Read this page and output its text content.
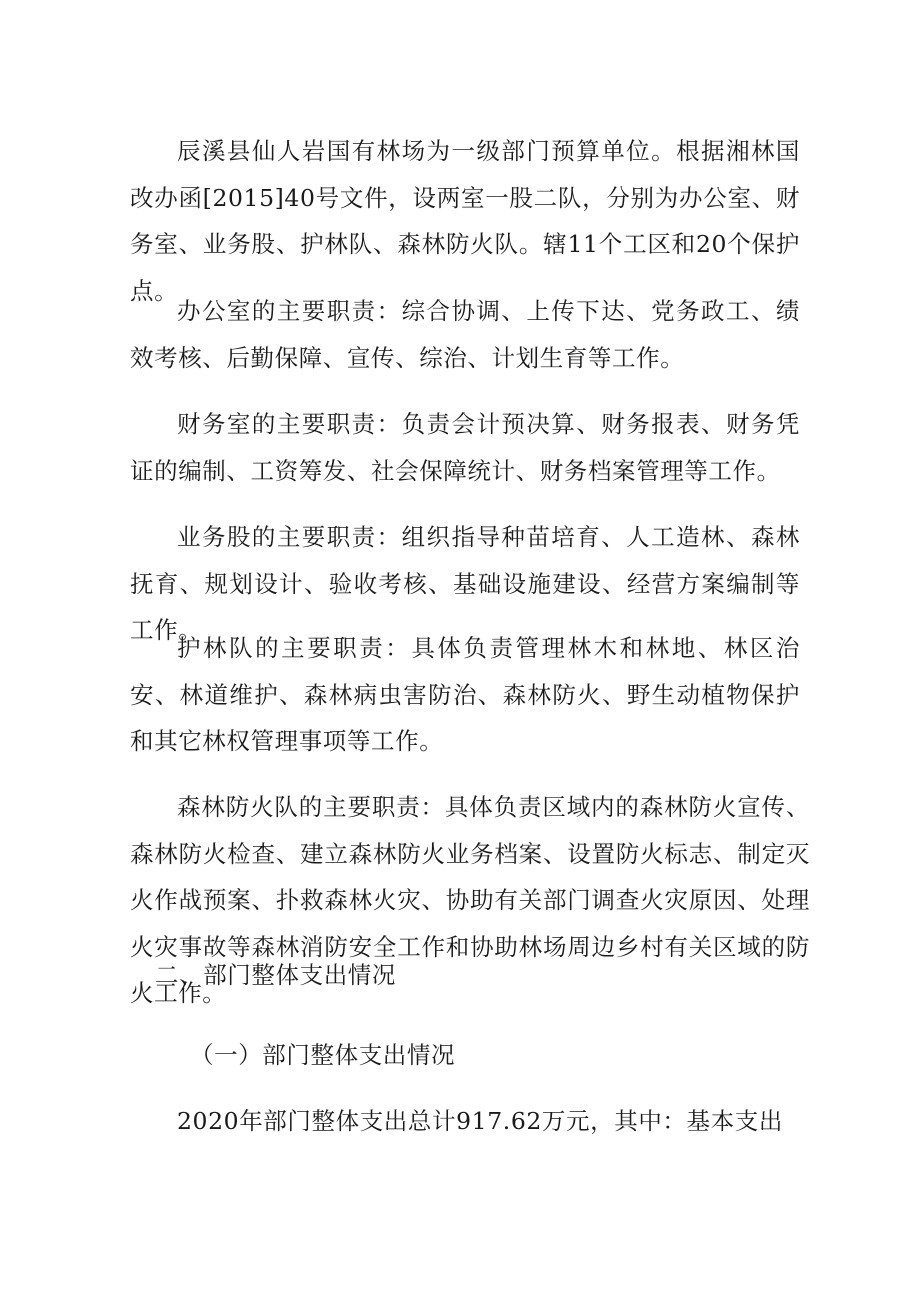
辰溪县仙人岩国有林场为一级部门预算单位。根据湘林国改办函[2015]40号文件，设两室一股二队，分别为办公室、财务室、业务股、护林队、森林防火队。辖11个工区和20个保护点。

办公室的主要职责：综合协调、上传下达、党务政工、绩效考核、后勤保障、宣传、综治、计划生育等工作。

财务室的主要职责：负责会计预决算、财务报表、财务凭证的编制、工资筹发、社会保障统计、财务档案管理等工作。

业务股的主要职责：组织指导种苗培育、人工造林、森林抚育、规划设计、验收考核、基础设施建设、经营方案编制等工作。

护林队的主要职责：具体负责管理林木和林地、林区治安、林道维护、森林病虫害防治、森林防火、野生动植物保护和其它林权管理事项等工作。

森林防火队的主要职责：具体负责区域内的森林防火宣传、森林防火检查、建立森林防火业务档案、设置防火标志、制定灭火作战预案、扑救森林火灾、协助有关部门调查火灾原因、处理火灾事故等森林消防安全工作和协助林场周边乡村有关区域的防火工作。

二、部门整体支出情况

（一）部门整体支出情况

2020年部门整体支出总计917.62万元，其中：基本支出
